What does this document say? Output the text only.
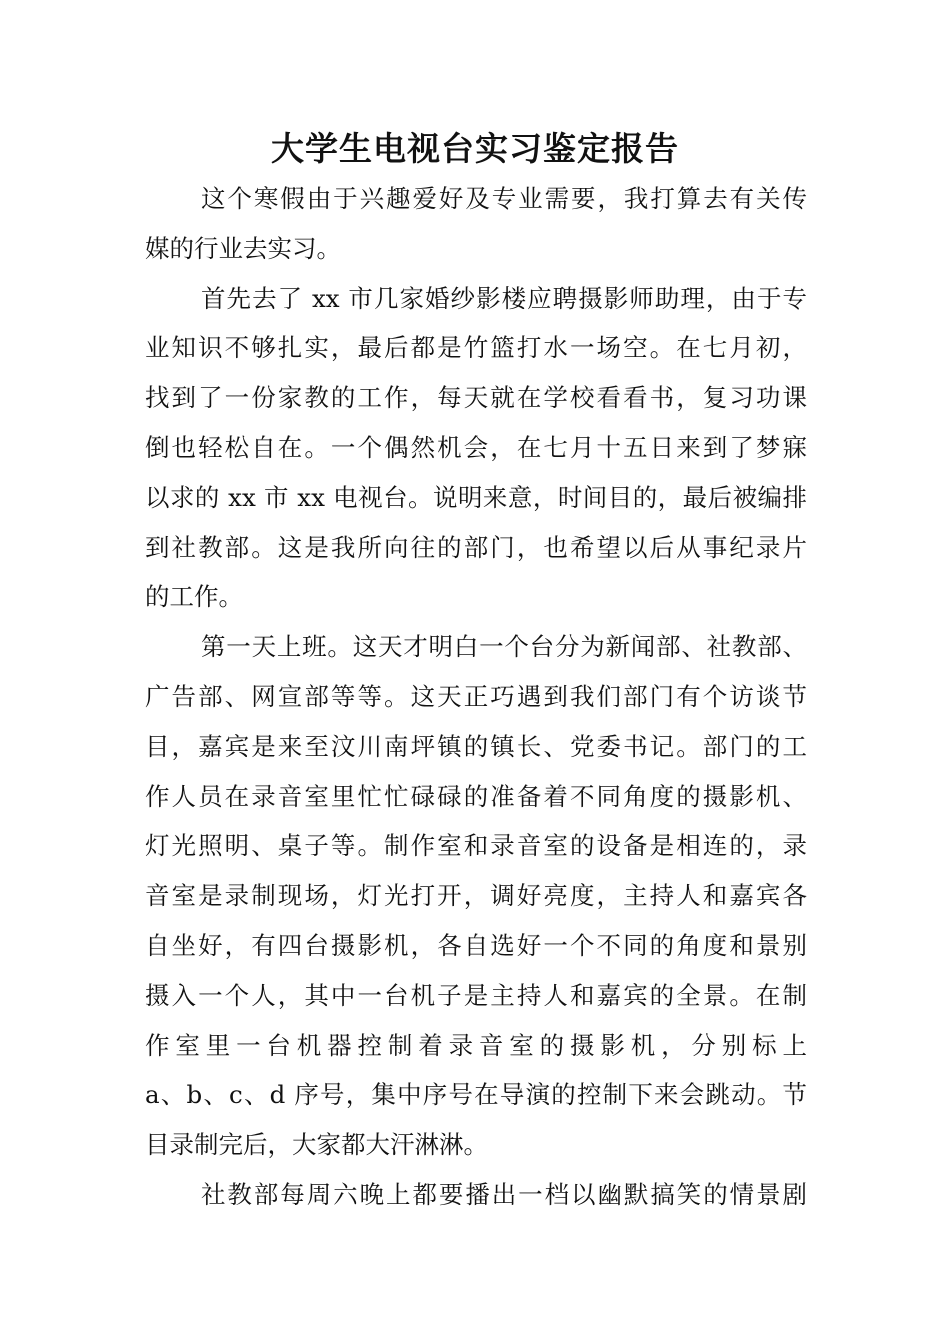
大学生电视台实习鉴定报告
这个寒假由于兴趣爱好及专业需要，我打算去有关传
媒的行业去实习。
首先去了 xx 市几家婚纱影楼应聘摄影师助理，由于专
业知识不够扎实，最后都是竹篮打水一场空。在七月初，
找到了一份家教的工作，每天就在学校看看书，复习功课
倒也轻松自在。一个偶然机会，在七月十五日来到了梦寐
以求的 xx 市 xx 电视台。说明来意，时间目的，最后被编排
到社教部。这是我所向往的部门，也希望以后从事纪录片
的工作。
第一天上班。这天才明白一个台分为新闻部、社教部、
广告部、网宣部等等。这天正巧遇到我们部门有个访谈节
目，嘉宾是来至汶川南坪镇的镇长、党委书记。部门的工
作人员在录音室里忙忙碌碌的准备着不同角度的摄影机、
灯光照明、桌子等。制作室和录音室的设备是相连的，录
音室是录制现场，灯光打开，调好亮度，主持人和嘉宾各
自坐好，有四台摄影机，各自选好一个不同的角度和景别
摄入一个人，其中一台机子是主持人和嘉宾的全景。在制
作室里一台机器控制着录音室的摄影机，分别标上
a、b、c、d 序号，集中序号在导演的控制下来会跳动。节
目录制完后，大家都大汗淋淋。
社教部每周六晚上都要播出一档以幽默搞笑的情景剧
